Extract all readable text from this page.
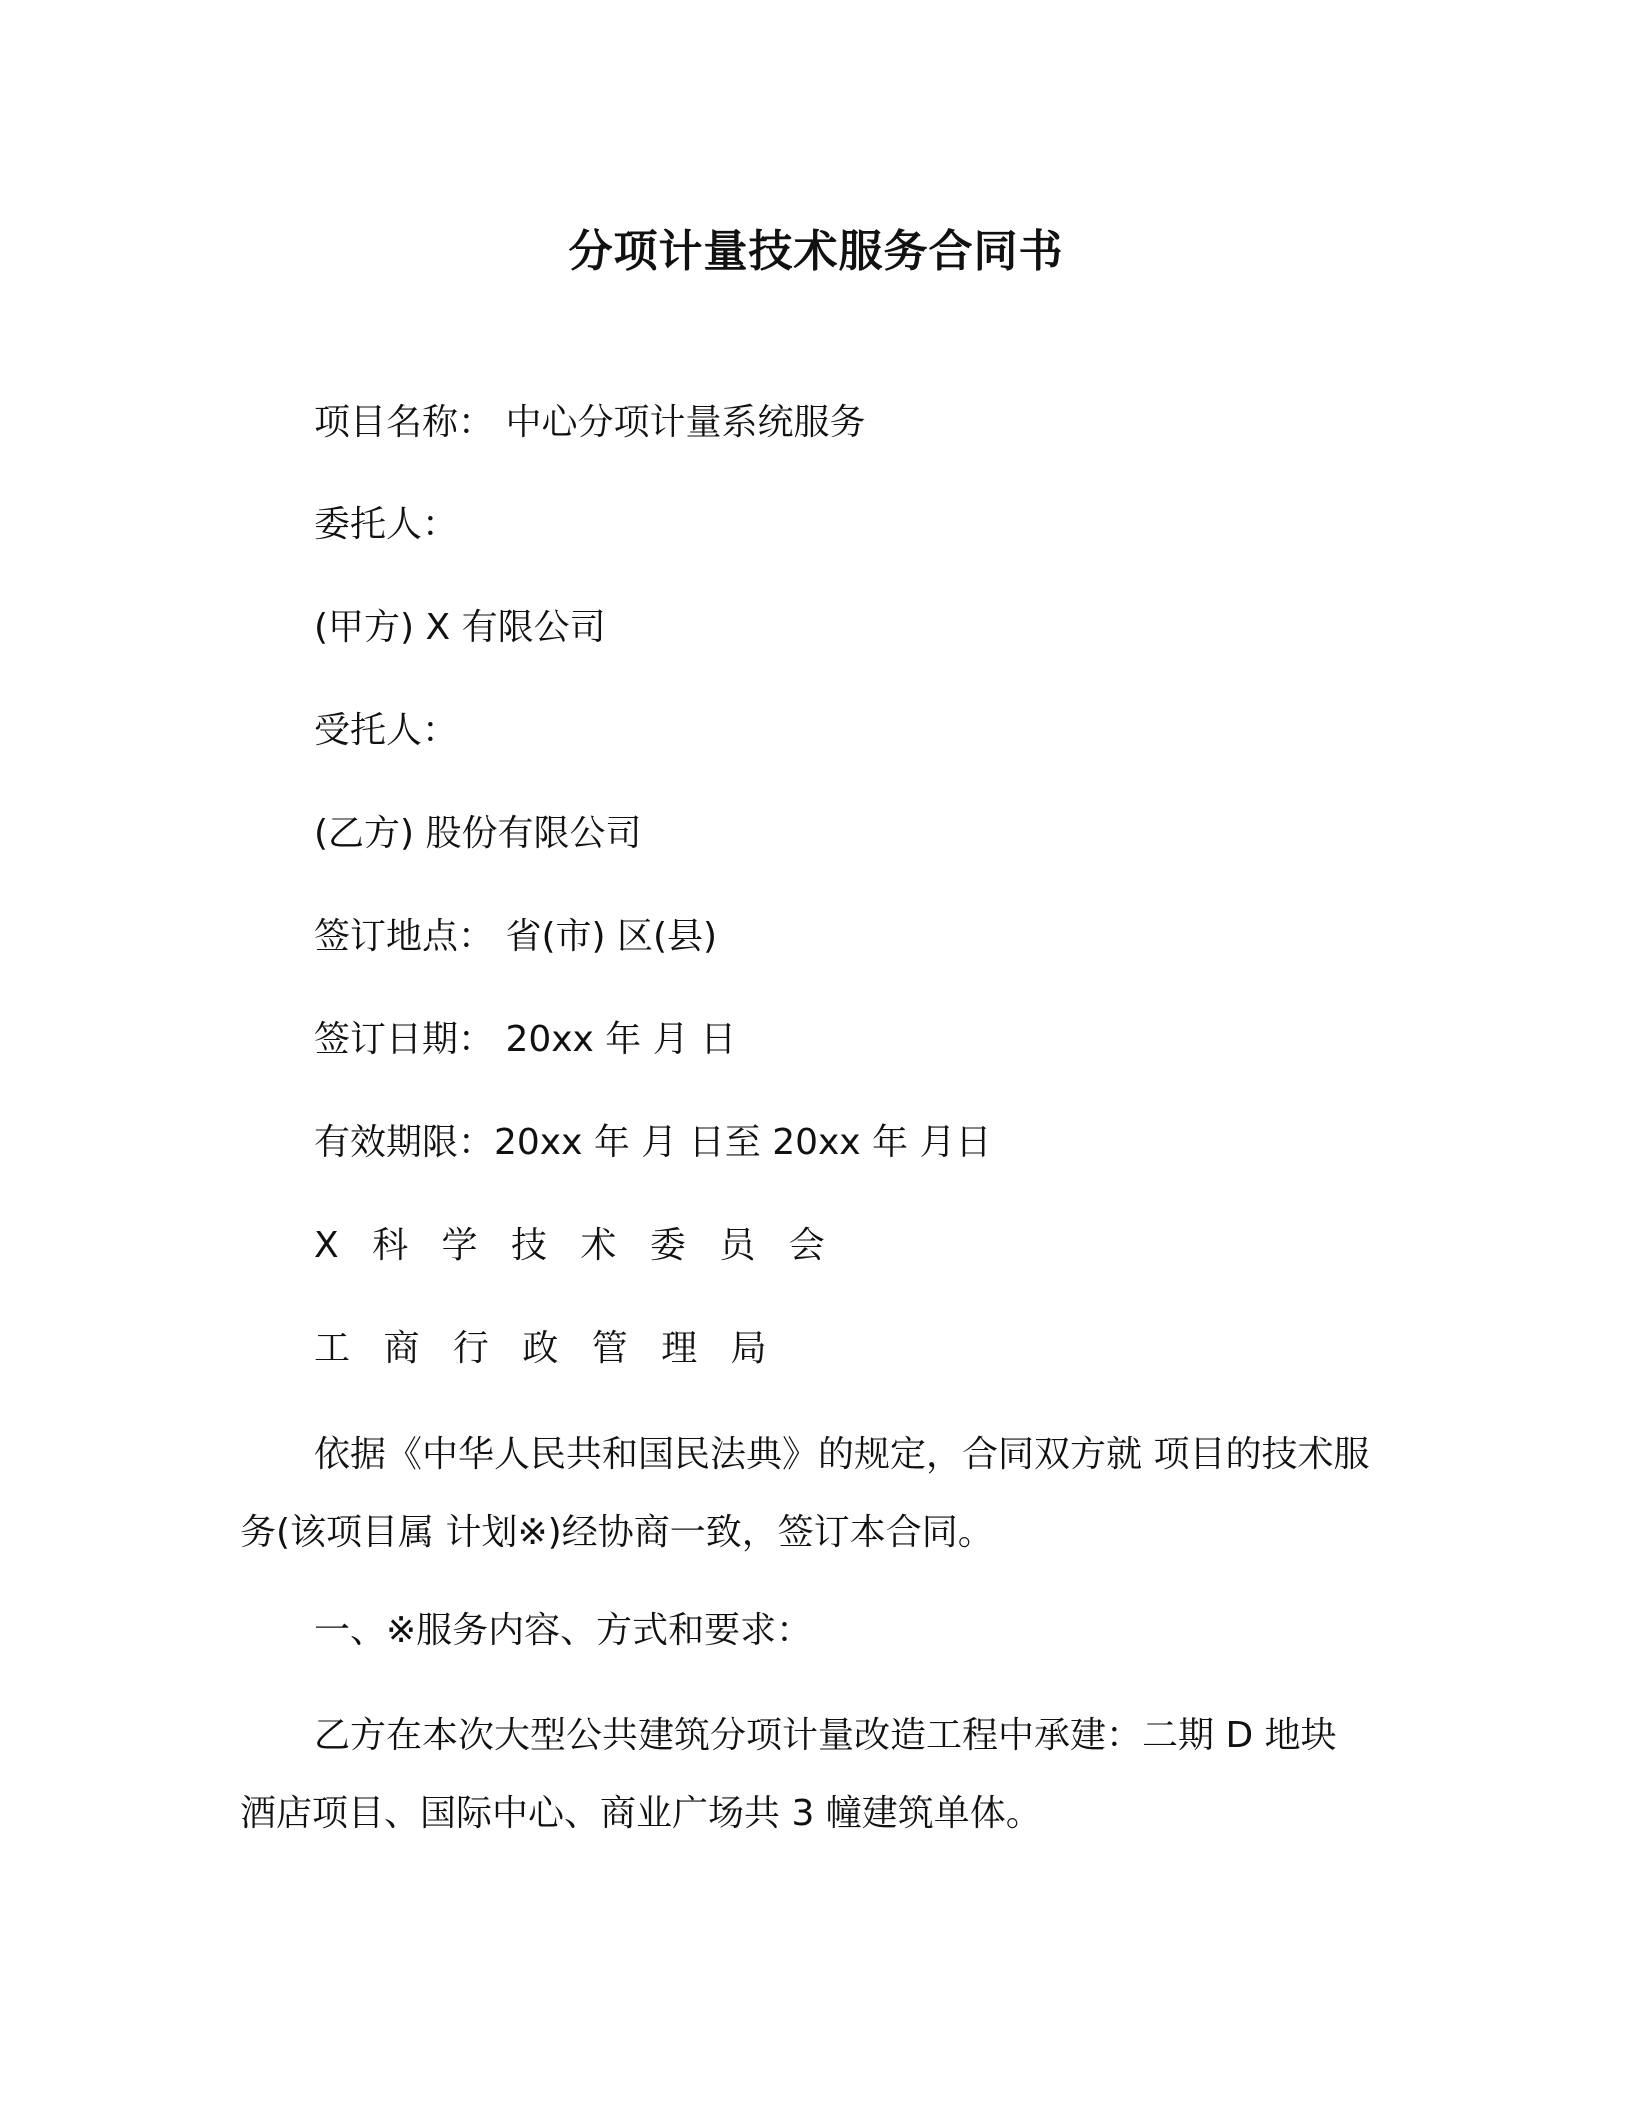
分项计量技术服务合同书
项目名称： 中心分项计量系统服务
委托人：
(甲方) X 有限公司
受托人：
(乙方) 股份有限公司
签订地点： 省(市) 区(县)
签订日期： 20xx 年 月 日
有效期限：20xx 年 月 日至 20xx 年 月日
X 科 学 技 术 委 员 会
工 商 行 政 管 理 局
依据《中华人民共和国民法典》的规定，合同双方就 项目的技术服务(该项目属 计划※)经协商一致，签订本合同。
一、※服务内容、方式和要求：
乙方在本次大型公共建筑分项计量改造工程中承建：二期 D 地块酒店项目、国际中心、商业广场共 3 幢建筑单体。
